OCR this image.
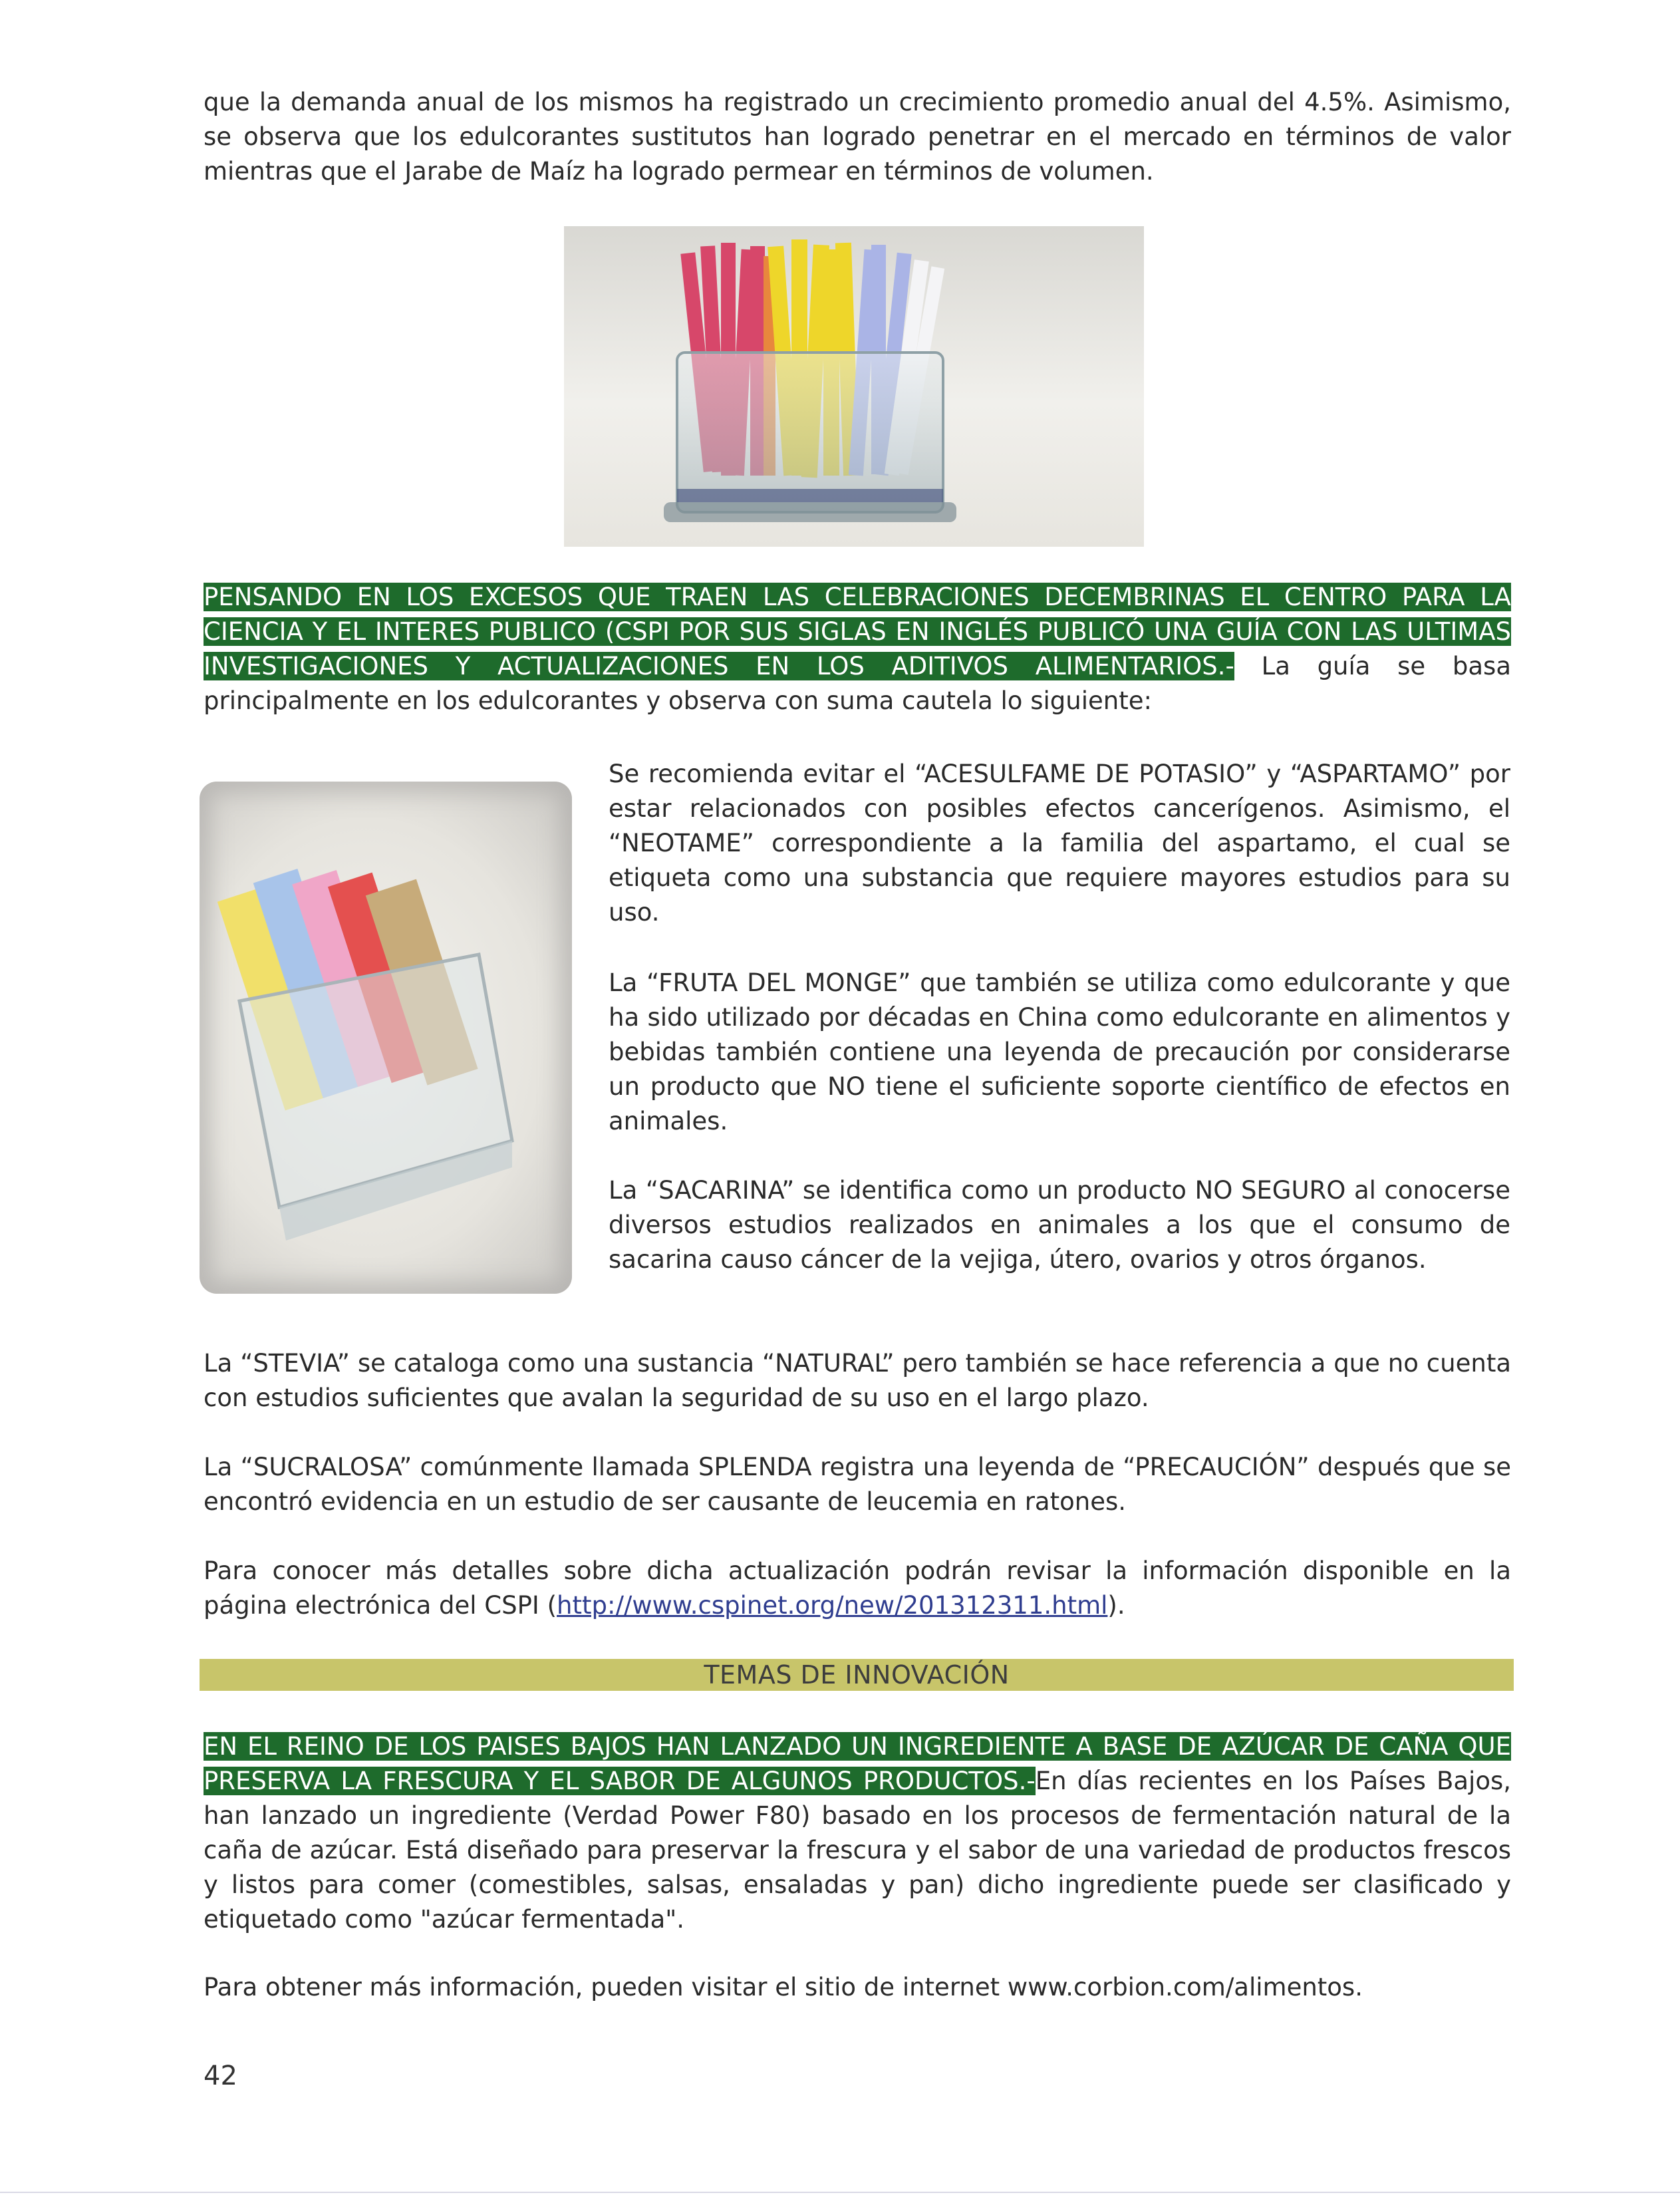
que la demanda anual de los mismos ha registrado un crecimiento promedio anual del 4.5%. Asimismo, se observa que los edulcorantes sustitutos han logrado penetrar en el mercado en términos de valor mientras que el Jarabe de Maíz ha logrado permear en términos de volumen.

PENSANDO EN LOS EXCESOS QUE TRAEN LAS CELEBRACIONES DECEMBRINAS EL CENTRO PARA LA CIENCIA Y EL INTERES PUBLICO (CSPI POR SUS SIGLAS EN INGLÉS PUBLICÓ UNA GUÍA CON LAS ULTIMAS INVESTIGACIONES Y ACTUALIZACIONES EN LOS ADITIVOS ALIMENTARIOS.- La guía se basa principalmente en los edulcorantes y observa con suma cautela lo siguiente:

Se recomienda evitar el “ACESULFAME DE POTASIO” y “ASPARTAMO” por estar relacionados con posibles efectos cancerígenos. Asimismo, el “NEOTAME” correspondiente a la familia del aspartamo, el cual se etiqueta como una substancia que requiere mayores estudios para su uso.

La “FRUTA DEL MONGE” que también se utiliza como edulcorante y que ha sido utilizado por décadas en China como edulcorante en alimentos y bebidas también contiene una leyenda de precaución por considerarse un producto que NO tiene el suficiente soporte científico de efectos en animales.

La “SACARINA” se identifica como un producto NO SEGURO al conocerse diversos estudios realizados en animales a los que el consumo de sacarina causo cáncer de la vejiga, útero, ovarios y otros órganos.

La “STEVIA” se cataloga como una sustancia “NATURAL” pero también se hace referencia a que no cuenta con estudios suficientes que avalan la seguridad de su uso en el largo plazo.

La “SUCRALOSA” comúnmente llamada SPLENDA registra una leyenda de “PRECAUCIÓN” después que se encontró evidencia en un estudio de ser causante de leucemia en ratones.

Para conocer más detalles sobre dicha actualización podrán revisar la información disponible en la página electrónica del CSPI (http://www.cspinet.org/new/201312311.html).

TEMAS DE INNOVACIÓN

EN EL REINO DE LOS PAISES BAJOS HAN LANZADO UN INGREDIENTE A BASE DE AZÚCAR DE CAÑA QUE PRESERVA LA FRESCURA Y EL SABOR DE ALGUNOS PRODUCTOS.-En días recientes en los Países Bajos, han lanzado un ingrediente (Verdad Power F80) basado en los procesos de fermentación natural de la caña de azúcar. Está diseñado para preservar la frescura y el sabor de una variedad de productos frescos y listos para comer (comestibles, salsas, ensaladas y pan) dicho ingrediente puede ser clasificado y etiquetado como "azúcar fermentada".

Para obtener más información, pueden visitar el sitio de internet www.corbion.com/alimentos.

42
